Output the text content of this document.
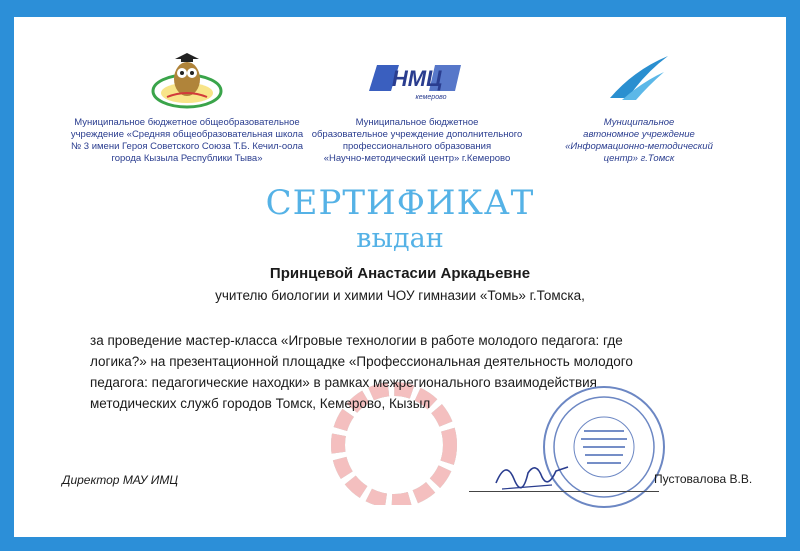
Муниципальное бюджетное общеобразовательное
учреждение «Средняя общеобразовательная школа
№ 3 имени Героя Советского Союза Т.Б. Кечил-оола
города Кызыла Республики Тыва»
НМЦ
кемерово
Муниципальное бюджетное
образовательное учреждение дополнительного
профессионального образования
«Научно-методический центр» г.Кемерово
Муниципальное
автономное учреждение
«Информационно-методический
центр» г.Томск
СЕРТИФИКАТ
выдан
Принцевой Анастасии Аркадьевне
учителю биологии и химии ЧОУ гимназии «Томь» г.Томска,
за проведение мастер-класса «Игровые технологии в работе молодого педагога: где
логика?» на презентационной площадке «Профессиональная деятельность молодого
педагога: педагогические находки» в рамках межрегионального взаимодействия
методических служб городов Томск, Кемерово, Кызыл
Директор МАУ ИМЦ	Пустовалова В.В.
